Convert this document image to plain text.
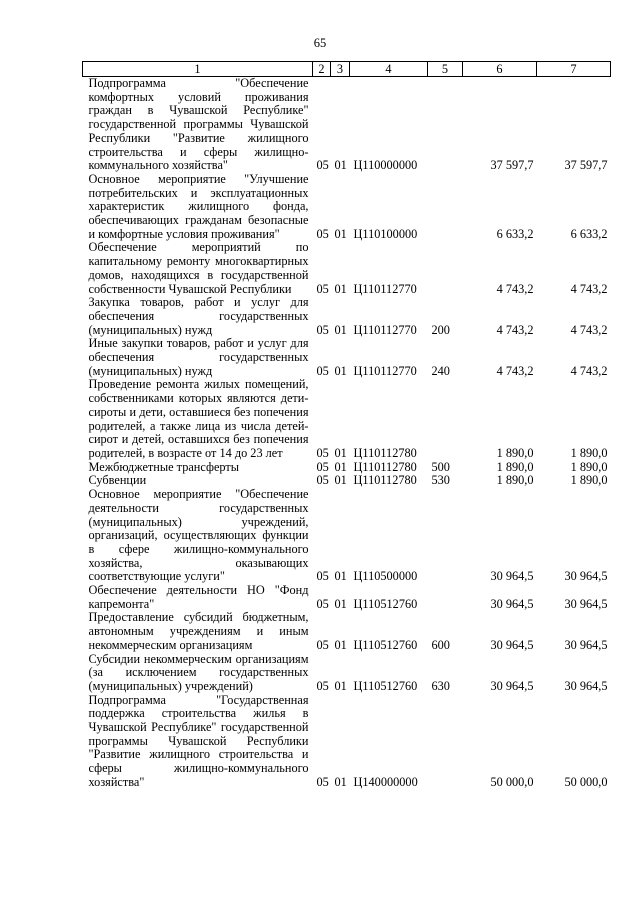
65
1	2	3	4	5	6	7
Подпрограмма "Обеспечение комфортных условий проживания граждан в Чувашской Республике" государственной программы Чувашской Республики "Развитие жилищного строительства и сферы жилищно-коммунального хозяйства"	05	01	Ц110000000		37 597,7	37 597,7
Основное мероприятие "Улучшение потребительских и эксплуатационных характеристик жилищного фонда, обеспечивающих гражданам безопасные и комфортные условия проживания"	05	01	Ц110100000		6 633,2	6 633,2
Обеспечение мероприятий по капитальному ремонту многоквартирных домов, находящихся в государственной собственности Чувашской Республики	05	01	Ц110112770		4 743,2	4 743,2
Закупка товаров, работ и услуг для обеспечения государственных (муниципальных) нужд	05	01	Ц110112770	200	4 743,2	4 743,2
Иные закупки товаров, работ и услуг для обеспечения государственных (муниципальных) нужд	05	01	Ц110112770	240	4 743,2	4 743,2
Проведение ремонта жилых помещений, собственниками которых являются дети-сироты и дети, оставшиеся без попечения родителей, а также лица из числа детей-сирот и детей, оставшихся без попечения родителей, в возрасте от 14 до 23 лет	05	01	Ц110112780		1 890,0	1 890,0
Межбюджетные трансферты	05	01	Ц110112780	500	1 890,0	1 890,0
Субвенции	05	01	Ц110112780	530	1 890,0	1 890,0
Основное мероприятие "Обеспечение деятельности государственных (муниципальных) учреждений, организаций, осуществляющих функции в сфере жилищно-коммунального хозяйства, оказывающих соответствующие услуги"	05	01	Ц110500000		30 964,5	30 964,5
Обеспечение деятельности НО "Фонд капремонта"	05	01	Ц110512760		30 964,5	30 964,5
Предоставление субсидий бюджетным, автономным учреждениям и иным некоммерческим организациям	05	01	Ц110512760	600	30 964,5	30 964,5
Субсидии некоммерческим организациям (за исключением государственных (муниципальных) учреждений)	05	01	Ц110512760	630	30 964,5	30 964,5
Подпрограмма "Государственная поддержка строительства жилья в Чувашской Республике" государственной программы Чувашской Республики "Развитие жилищного строительства и сферы жилищно-коммунального хозяйства"	05	01	Ц140000000		50 000,0	50 000,0
